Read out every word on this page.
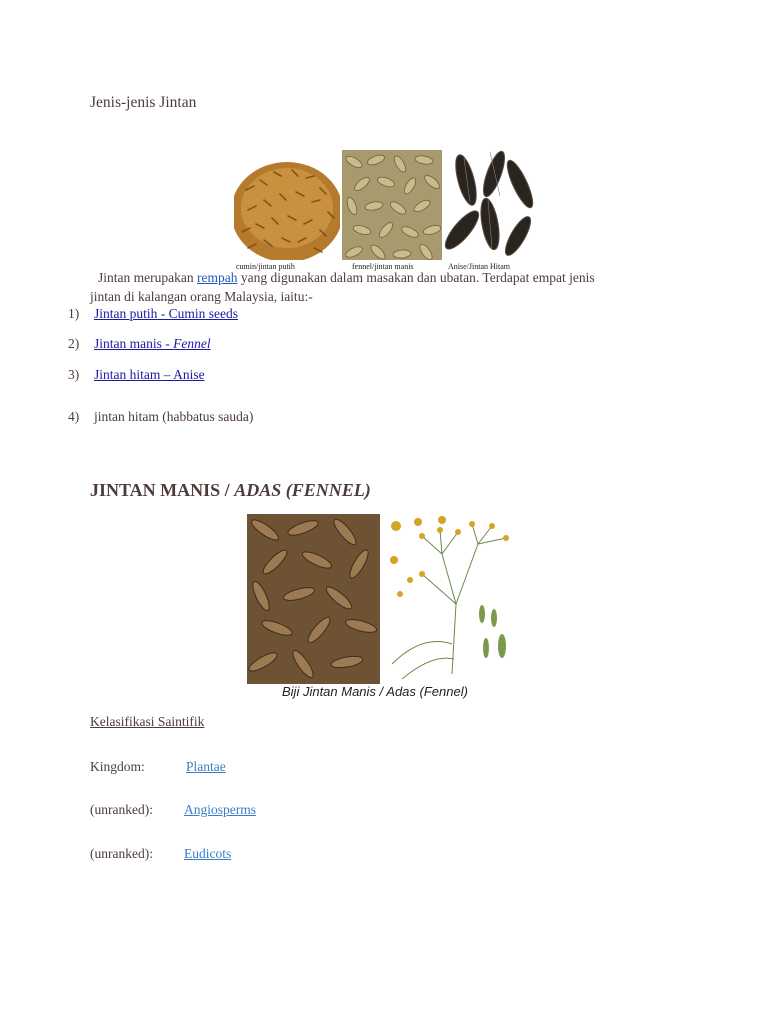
Jenis-jenis Jintan
cumin/jintan putih	fennel/jintan manis	Anise/Jintan Hitam
Jintan merupakan rempah yang digunakan dalam masakan dan ubatan. Terdapat empat jenis
jintan di kalangan orang Malaysia, iaitu:-
1) Jintan putih - Cumin seeds
2) Jintan manis - Fennel
3) Jintan hitam – Anise
4) jintan hitam (habbatus sauda)
JINTAN MANIS / ADAS (FENNEL)
Biji Jintan Manis / Adas (Fennel)
Kelasifikasi Saintifik
Kingdom:	Plantae
(unranked): Angiosperms
(unranked): Eudicots
